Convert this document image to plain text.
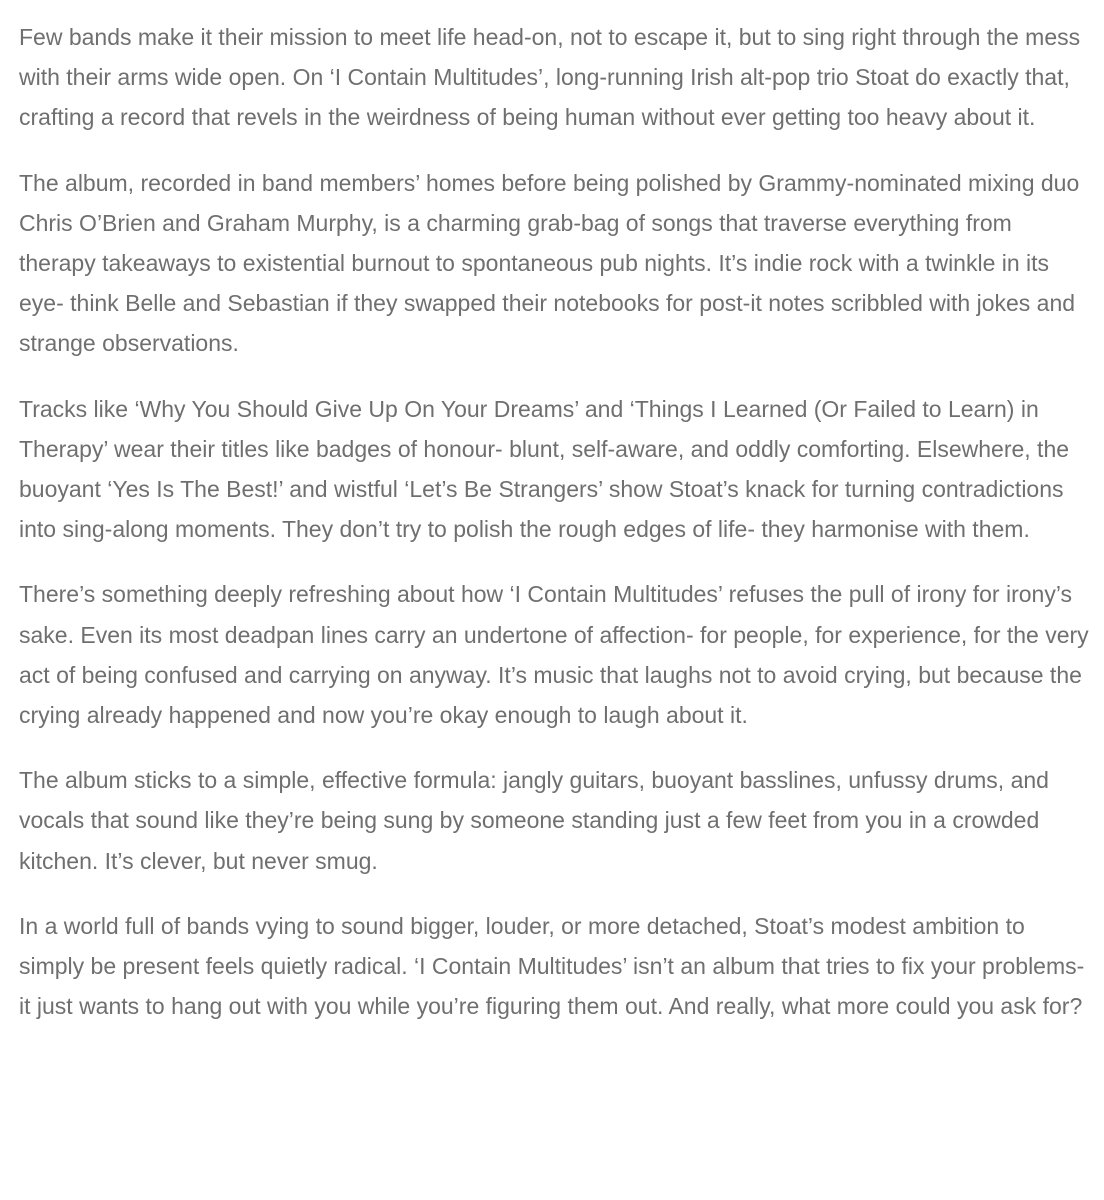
Few bands make it their mission to meet life head-on, not to escape it, but to sing right through the mess with their arms wide open. On ‘I Contain Multitudes’, long-running Irish alt-pop trio Stoat do exactly that, crafting a record that revels in the weirdness of being human without ever getting too heavy about it.

The album, recorded in band members’ homes before being polished by Grammy-nominated mixing duo Chris O’Brien and Graham Murphy, is a charming grab-bag of songs that traverse everything from therapy takeaways to existential burnout to spontaneous pub nights. It’s indie rock with a twinkle in its eye- think Belle and Sebastian if they swapped their notebooks for post-it notes scribbled with jokes and strange observations.

Tracks like ‘Why You Should Give Up On Your Dreams’ and ‘Things I Learned (Or Failed to Learn) in Therapy’ wear their titles like badges of honour- blunt, self-aware, and oddly comforting. Elsewhere, the buoyant ‘Yes Is The Best!’ and wistful ‘Let’s Be Strangers’ show Stoat’s knack for turning contradictions into sing-along moments. They don’t try to polish the rough edges of life- they harmonise with them.

There’s something deeply refreshing about how ‘I Contain Multitudes’ refuses the pull of irony for irony’s sake. Even its most deadpan lines carry an undertone of affection- for people, for experience, for the very act of being confused and carrying on anyway. It’s music that laughs not to avoid crying, but because the crying already happened and now you’re okay enough to laugh about it.

The album sticks to a simple, effective formula: jangly guitars, buoyant basslines, unfussy drums, and vocals that sound like they’re being sung by someone standing just a few feet from you in a crowded kitchen. It’s clever, but never smug.

In a world full of bands vying to sound bigger, louder, or more detached, Stoat’s modest ambition to simply be present feels quietly radical. ‘I Contain Multitudes’ isn’t an album that tries to fix your problems- it just wants to hang out with you while you’re figuring them out. And really, what more could you ask for?
